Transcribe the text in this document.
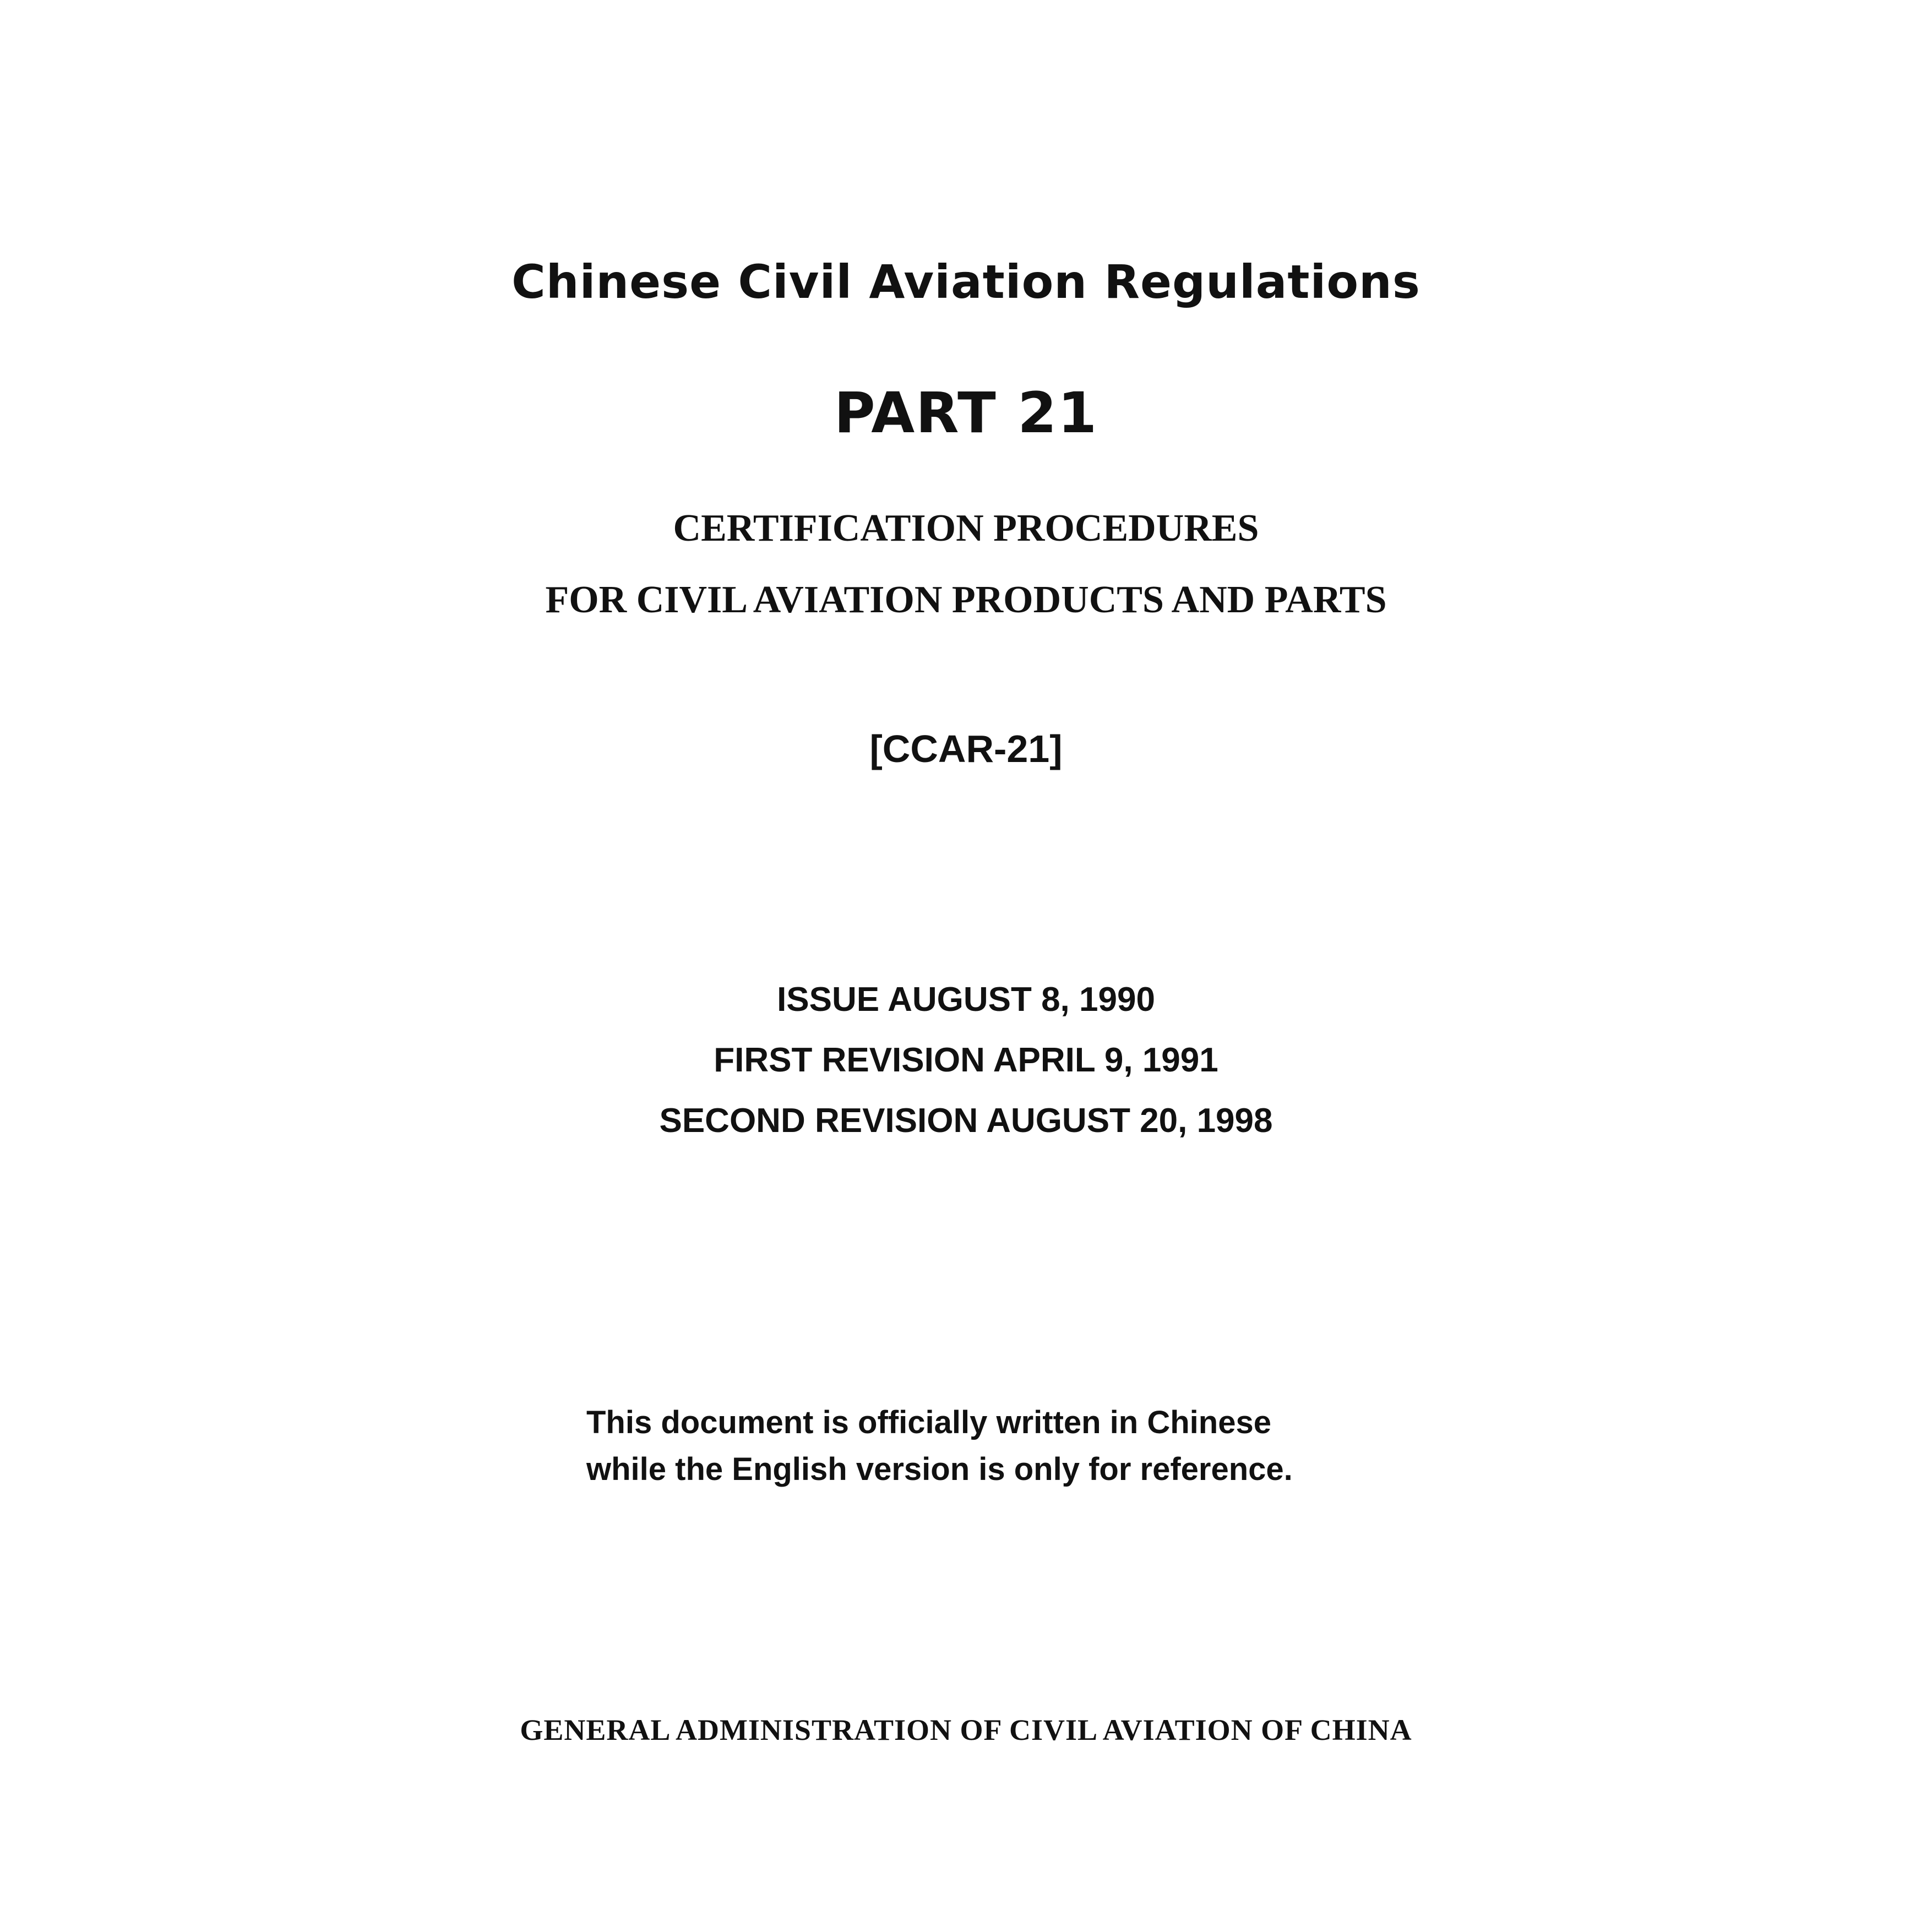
Chinese Civil Aviation Regulations
PART 21
CERTIFICATION PROCEDURES
FOR CIVIL AVIATION PRODUCTS AND PARTS
[CCAR-21]
ISSUE AUGUST 8, 1990
FIRST REVISION APRIL 9, 1991
SECOND REVISION AUGUST 20, 1998
This document is officially written in Chinese
while the English version is only for reference.
GENERAL ADMINISTRATION OF CIVIL AVIATION OF CHINA
